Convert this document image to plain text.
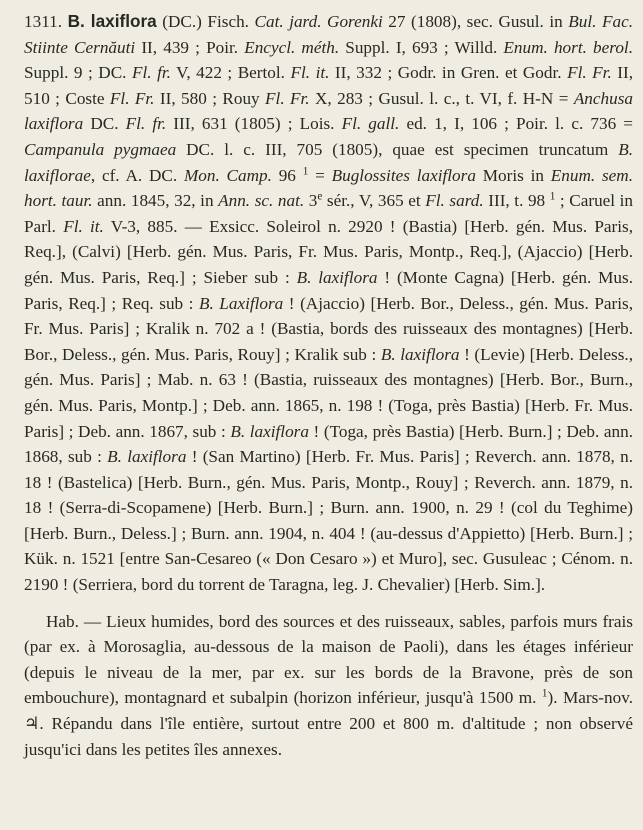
1311. B. laxiflora (DC.) Fisch. Cat. jard. Gorenki 27 (1808), sec. Gusul. in Bul. Fac. Stiinte Cernăuti II, 439 ; Poir. Encycl. méth. Suppl. I, 693 ; Willd. Enum. hort. berol. Suppl. 9 ; DC. Fl. fr. V, 422 ; Bertol. Fl. it. II, 332 ; Godr. in Gren. et Godr. Fl. Fr. II, 510 ; Coste Fl. Fr. II, 580 ; Rouy Fl. Fr. X, 283 ; Gusul. l. c., t. VI, f. H-N = Anchusa laxiflora DC. Fl. fr. III, 631 (1805) ; Lois. Fl. gall. ed. 1, I, 106 ; Poir. l. c. 736 = Campanula pygmaea DC. l. c. III, 705 (1805), quae est specimen truncatum B. laxiflorae, cf. A. DC. Mon. Camp. 96 $^1$ = Buglossites laxiflora Moris in Enum. sem. hort. taur. ann. 1845, 32, in Ann. sc. nat. 3e sér., V, 365 et Fl. sard. III, t. 98 $^1$ ; Caruel in Parl. Fl. it. V-3, 885. — Exsicc. Soleirol n. 2920 ! (Bastia) [Herb. gén. Mus. Paris, Req.], (Calvi) [Herb. gén. Mus. Paris, Fr. Mus. Paris, Montp., Req.], (Ajaccio) [Herb. gén. Mus. Paris, Req.] ; Sieber sub : B. laxiflora ! (Monte Cagna) [Herb. gén. Mus. Paris, Req.] ; Req. sub : B. Laxiflora ! (Ajaccio) [Herb. Bor., Deless., gén. Mus. Paris, Fr. Mus. Paris] ; Kralik n. 702 a ! (Bastia, bords des ruisseaux des montagnes) [Herb. Bor., Deless., gén. Mus. Paris, Rouy] ; Kralik sub : B. laxiflora ! (Levie) [Herb. Deless., gén. Mus. Paris] ; Mab. n. 63 ! (Bastia, ruisseaux des montagnes) [Herb. Bor., Burn., gén. Mus. Paris, Montp.] ; Deb. ann. 1865, n. 198 ! (Toga, près Bastia) [Herb. Fr. Mus. Paris] ; Deb. ann. 1867, sub : B. laxiflora ! (Toga, près Bastia) [Herb. Burn.] ; Deb. ann. 1868, sub : B. laxiflora ! (San Martino) [Herb. Fr. Mus. Paris] ; Reverch. ann. 1878, n. 18 ! (Bastelica) [Herb. Burn., gén. Mus. Paris, Montp., Rouy] ; Reverch. ann. 1879, n. 18 ! (Serra-di-Scopamene) [Herb. Burn.] ; Burn. ann. 1900, n. 29 ! (col du Teghime) [Herb. Burn., Deless.] ; Burn. ann. 1904, n. 404 ! (au-dessus d'Appietto) [Herb. Burn.] ; Kük. n. 1521 [entre San-Cesareo (« Don Cesaro ») et Muro], sec. Gusuleac ; Cénom. n. 2190 ! (Serriera, bord du torrent de Taragna, leg. J. Chevalier) [Herb. Sim.].

Hab. — Lieux humides, bord des sources et des ruisseaux, sables, parfois murs frais (par ex. à Morosaglia, au-dessous de la maison de Paoli), dans les étages inférieur (depuis le niveau de la mer, par ex. sur les bords de la Bravone, près de son embouchure), montagnard et subalpin (horizon inférieur, jusqu'à 1500 m. $^1$). Mars-nov. ♃. Répandu dans l'île entière, surtout entre 200 et 800 m. d'altitude ; non observé jusqu'ici dans les petites îles annexes.
